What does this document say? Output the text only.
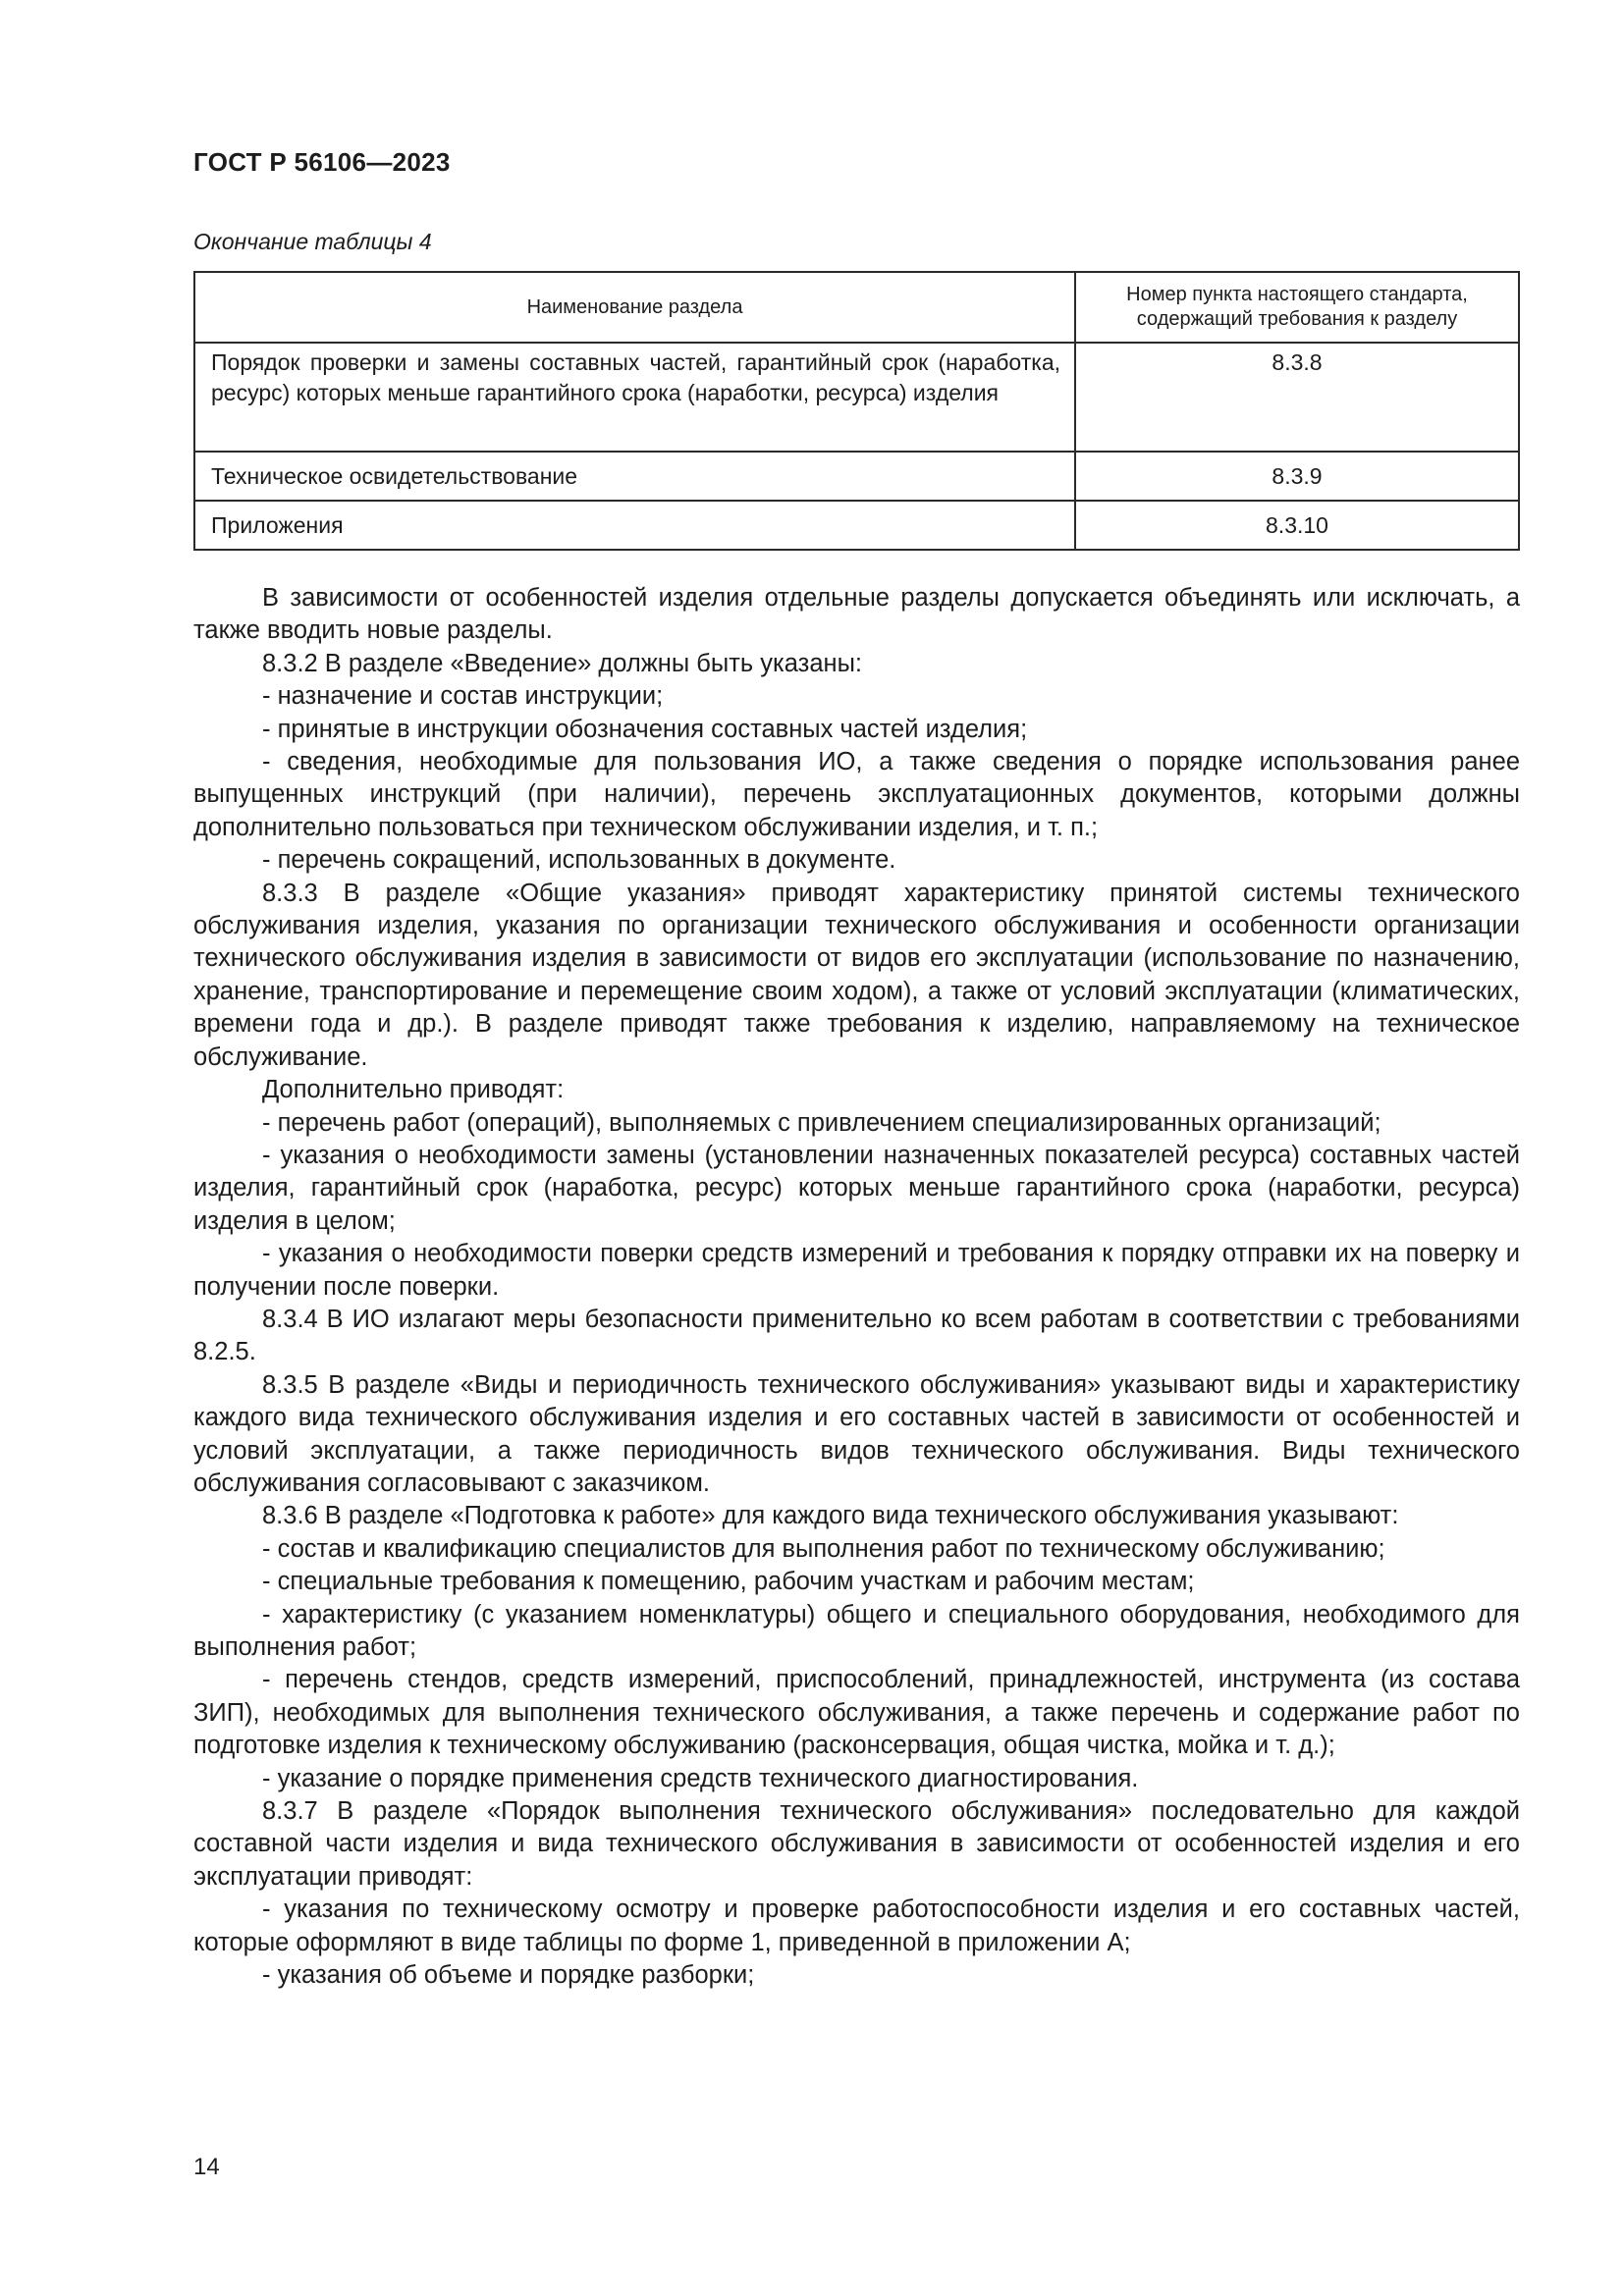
ГОСТ Р 56106—2023
Окончание таблицы 4
Наименование раздела	Номер пункта настоящего стандарта, содержащий требования к разделу
Порядок проверки и замены составных частей, гарантийный срок (наработка, ресурс) которых меньше гарантийного срока (наработки, ресурса) изделия	8.3.8
Техническое освидетельствование	8.3.9
Приложения	8.3.10

В зависимости от особенностей изделия отдельные разделы допускается объединять или исключать, а также вводить новые разделы.

8.3.2 В разделе «Введение» должны быть указаны:

- назначение и состав инструкции;

- принятые в инструкции обозначения составных частей изделия;

- сведения, необходимые для пользования ИО, а также сведения о порядке использования ранее выпущенных инструкций (при наличии), перечень эксплуатационных документов, которыми должны дополнительно пользоваться при техническом обслуживании изделия, и т. п.;

- перечень сокращений, использованных в документе.

8.3.3 В разделе «Общие указания» приводят характеристику принятой системы технического обслуживания изделия, указания по организации технического обслуживания и особенности организации технического обслуживания изделия в зависимости от видов его эксплуатации (использование по назначению, хранение, транспортирование и перемещение своим ходом), а также от условий эксплуатации (климатических, времени года и др.). В разделе приводят также требования к изделию, направляемому на техническое обслуживание.

Дополнительно приводят:

- перечень работ (операций), выполняемых с привлечением специализированных организаций;

- указания о необходимости замены (установлении назначенных показателей ресурса) составных частей изделия, гарантийный срок (наработка, ресурс) которых меньше гарантийного срока (наработки, ресурса) изделия в целом;

- указания о необходимости поверки средств измерений и требования к порядку отправки их на поверку и получении после поверки.

8.3.4 В ИО излагают меры безопасности применительно ко всем работам в соответствии с требованиями 8.2.5.

8.3.5 В разделе «Виды и периодичность технического обслуживания» указывают виды и характеристику каждого вида технического обслуживания изделия и его составных частей в зависимости от особенностей и условий эксплуатации, а также периодичность видов технического обслуживания. Виды технического обслуживания согласовывают с заказчиком.

8.3.6 В разделе «Подготовка к работе» для каждого вида технического обслуживания указывают:

- состав и квалификацию специалистов для выполнения работ по техническому обслуживанию;

- специальные требования к помещению, рабочим участкам и рабочим местам;

- характеристику (с указанием номенклатуры) общего и специального оборудования, необходимого для выполнения работ;

- перечень стендов, средств измерений, приспособлений, принадлежностей, инструмента (из состава ЗИП), необходимых для выполнения технического обслуживания, а также перечень и содержание работ по подготовке изделия к техническому обслуживанию (расконсервация, общая чистка, мойка и т. д.);

- указание о порядке применения средств технического диагностирования.

8.3.7 В разделе «Порядок выполнения технического обслуживания» последовательно для каждой составной части изделия и вида технического обслуживания в зависимости от особенностей изделия и его эксплуатации приводят:

- указания по техническому осмотру и проверке работоспособности изделия и его составных частей, которые оформляют в виде таблицы по форме 1, приведенной в приложении А;

- указания об объеме и порядке разборки;

14
